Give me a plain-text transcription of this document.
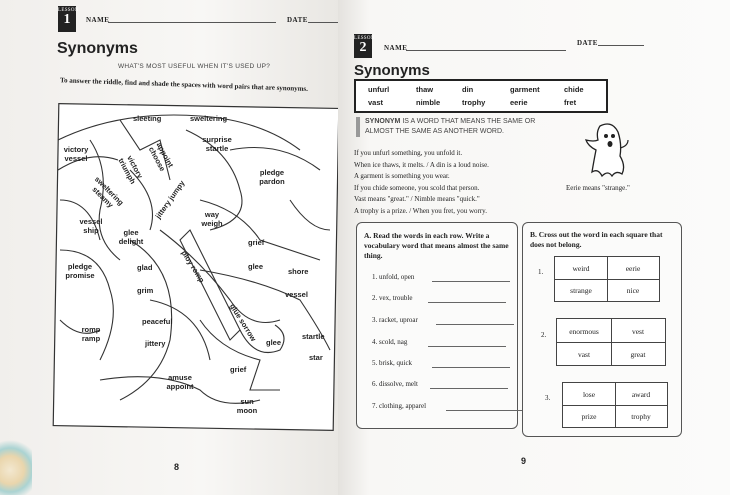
LESSON
1	NAME	DATE
Synonyms
WHAT'S MOST USEFUL WHEN IT'S USED UP?
To answer the riddle, find and shade the spaces with word pairs that are synonyms.
sleeting	sweltering
victory vessel	appoint choose
surprise startle
victory triumph
sweltering steamy	jittery jumpy
pledge pardon
vessel ship	glee delight
way weigh
grief
pledge promise
glad	ploy romp	glee
shore
grim	vessel
romp ramp
peaceful	glue sorrow	startle
jittery	glee
star
amuse appoint
grief
sun moon
8
LESSON
2	NAME
DATE
Synonyms
unfurl	thaw	din	garment	chide
vast	nimble	trophy	eerie	fret
SYNONYM IS A WORD THAT MEANS THE SAME OR ALMOST THE SAME AS ANOTHER WORD.
If you unfurl something, you unfold it.
When ice thaws, it melts. / A din is a loud noise.
A garment is something you wear.
If you chide someone, you scold that person.
Vast means "great." / Nimble means "quick."
A trophy is a prize. / When you fret, you worry.
Eerie means "strange."
A. Read the words in each row. Write a vocabulary word that means almost the same thing.
1. unfold, open
2. vex, trouble
3. racket, uproar
4. scold, nag
5. brisk, quick
6. dissolve, melt
7. clothing, apparel
B. Cross out the word in each square that does not belong.
1.	weird	eerie
strange	nice
2.	enormous	vest
vast	great
3.	lose	award
prize	trophy
9
